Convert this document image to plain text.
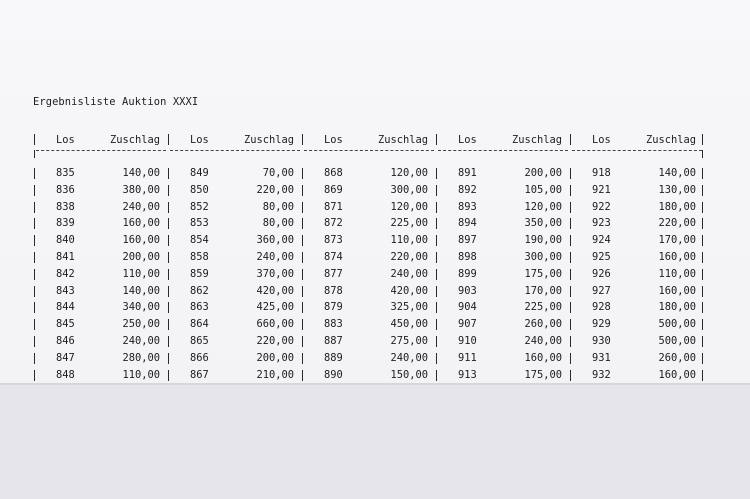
Ergebnisliste Auktion XXXI
Los	Zuschlag
835	140,00
836	380,00
838	240,00
839	160,00
840	160,00
841	200,00
842	110,00
843	140,00
844	340,00
845	250,00
846	240,00
847	280,00
848	110,00
Los	Zuschlag
849	70,00
850	220,00
852	80,00
853	80,00
854	360,00
858	240,00
859	370,00
862	420,00
863	425,00
864	660,00
865	220,00
866	200,00
867	210,00
Los	Zuschlag
868	120,00
869	300,00
871	120,00
872	225,00
873	110,00
874	220,00
877	240,00
878	420,00
879	325,00
883	450,00
887	275,00
889	240,00
890	150,00
Los	Zuschlag
891	200,00
892	105,00
893	120,00
894	350,00
897	190,00
898	300,00
899	175,00
903	170,00
904	225,00
907	260,00
910	240,00
911	160,00
913	175,00
Los	Zuschlag
918	140,00
921	130,00
922	180,00
923	220,00
924	170,00
925	160,00
926	110,00
927	160,00
928	180,00
929	500,00
930	500,00
931	260,00
932	160,00
